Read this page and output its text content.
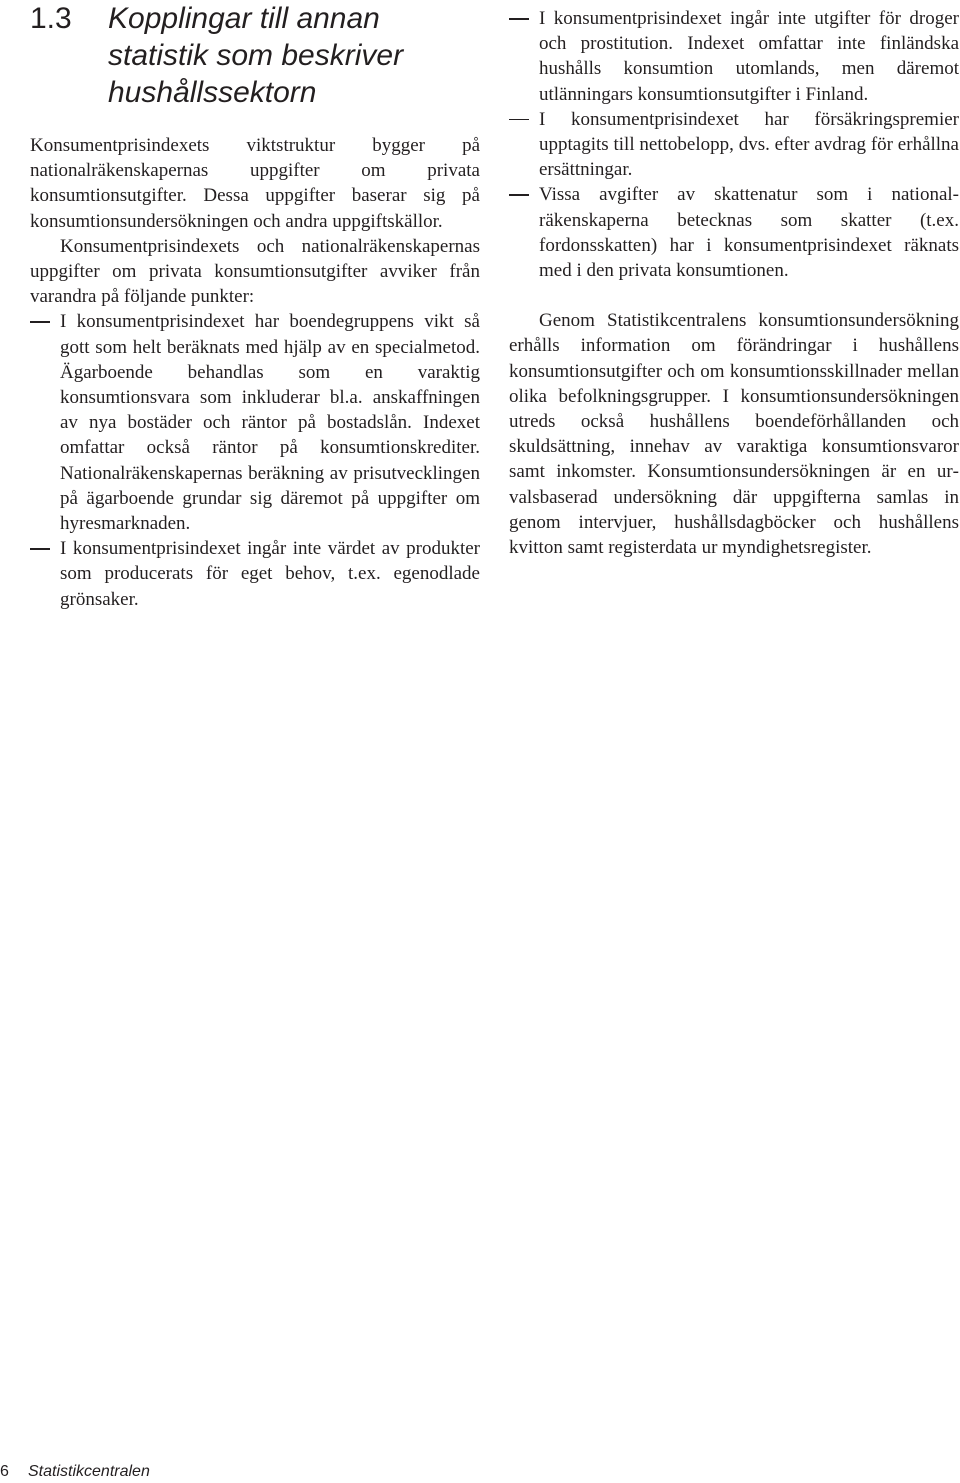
1.3 Kopplingar till annan
statistik som beskriver
hushållssektorn

Konsumentprisindexets viktstruktur bygger på nationalräkenskapernas uppgifter om privata konsumtionsutgifter. Dessa uppgifter baserar sig på konsumtionsundersökningen och andra uppgiftskällor.

Konsumentprisindexets och nationalräkenskapernas uppgifter om privata konsumtionsutgifter avviker från varandra på följande punkter:

I konsumentprisindexet har boendegruppens vikt så gott som helt beräknats med hjälp av en specialmetod. Ägarboende behandlas som en varaktig konsumtionsvara som inkluderar bl.a. anskaffningen av nya bostäder och räntor på bostadslån. Indexet omfattar också räntor på konsumtionskrediter. Nationalräkenskapernas beräkning av prisutvecklingen på ägarboende grundar sig däremot på uppgifter om hyresmarknaden.
I konsumentprisindexet ingår inte värdet av produkter som producerats för eget behov, t.ex. egenodlade grönsaker.
I konsumentprisindexet ingår inte utgifter för droger och prostitution. Indexet omfattar inte finländska hushålls konsumtion utomlands, men däremot utlänningars konsumtionsutgifter i Finland.
I konsumentprisindexet har försäkringspremier upptagits till nettobelopp, dvs. efter avdrag för erhållna ersättningar.
Vissa avgifter av skattenatur som i nationalräkenskaperna betecknas som skatter (t.ex. fordonsskatten) har i konsumentprisindexet räknats med i den privata konsumtionen.

Genom Statistikcentralens konsumtionsundersökning erhålls information om förändringar i hushållens konsumtionsutgifter och om konsumtionsskillnader mellan olika befolkningsgrupper. I konsumtionsundersökningen utreds också hushållens boendeförhållanden och skuldsättning, innehav av varaktiga konsumtionsvaror samt inkomster. Konsumtionsundersökningen är en urvalsbaserad undersökning där uppgifterna samlas in genom intervjuer, hushållsdagböcker och hushållens kvitton samt registerdata ur myndighetsregister.

6 Statistikcentralen
